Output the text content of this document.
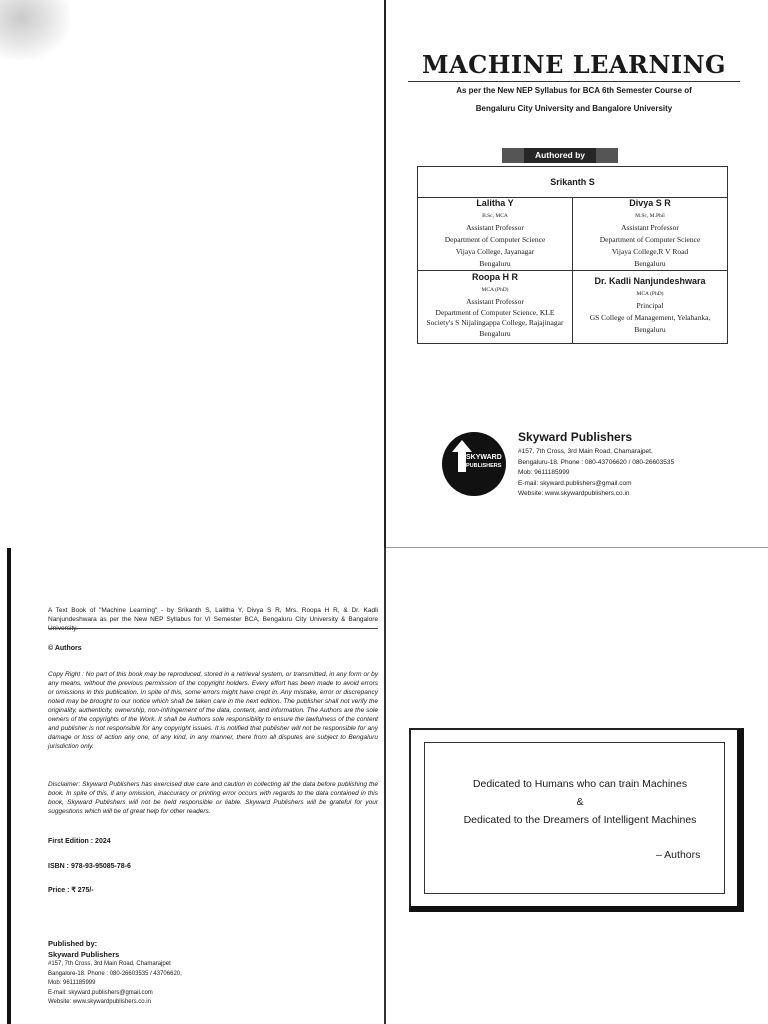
MACHINE LEARNING
As per the New NEP Syllabus for BCA 6th Semester Course of
Bengaluru City University and Bangalore University
Authored by
Srikanth S
Lalitha Y
B.Sc, MCA
Assistant Professor
Department of Computer Science
Vijaya College, Jayanagar
Bengaluru
Divya S R
M.Sc, M.Phil
Assistant Professor
Department of Computer Science
Vijaya College,R V Road
Bengaluru
Roopa H R
MCA (PhD)
Assistant Professor
Department of Computer Science, KLE
Society's S Nijalingappa College, Rajajinagar
Bengaluru
Dr. Kadli Nanjundeshwara
MCA (PhD)
Principal
GS College of Management, Yelahanka,
Bengaluru
SKYWARD
PUBLISHERS
Skyward Publishers
#157, 7th Cross, 3rd Main Road, Chamarajpet,
Bengaluru-18. Phone : 080-43706620 / 080-26603535
Mob: 9611185999
E-mail: skyward.publishers@gmail.com
Website: www.skywardpublishers.co.in
A Text Book of "Machine Learning" - by Srikanth S, Lalitha Y, Divya S R, Mrs. Roopa H R, & Dr. Kadli Nanjundeshwara as per the New NEP Syllabus for VI Semester BCA, Bengaluru City University & Bangalore
© Authors
Copy Right : No part of this book may be reproduced, stored in a retrieval system, or transmitted, in any form or by any means, without the previous permission of the copyright holders. Every effort has been made to avoid errors or omissions in this publication. In spite of this, some errors might have crept in. Any mistake, error or discrepancy noted may be brought to our notice which shall be taken care in the next edition. The publisher shall not verify the originality, authenticity, ownership, non-infringement of the data, content, and information. The Authors are the sole owners of the copyrights of the Work. It shall be Authors sole responsibility to ensure the lawfulness of the content and publisher is not responsible for any copyright issues. It is notified that publisher will not be responsible for any damage or loss of action any one, of any kind, in any manner, there from all disputes are subject to Bengaluru jurisdiction only.
Disclaimer: Skyward Publishers has exercised due care and caution in collecting all the data before publishing the book. In spite of this, if any omission, inaccuracy or printing error occurs with regards to the data contained in this book, Skyward Publishers will not be held responsible or liable. Skyward Publishers will be grateful for your suggestions which will be of great help for other readers.
First Edition : 2024
ISBN : 978-93-95085-78-6
Price : ₹ 275/-
Published by:
Skyward Publishers
#157, 7th Cross, 3rd Main Road, Chamarajpet
Bangalore-18. Phone : 080-26603535 / 43706620,
Mob: 9611185999
E-mail: skyward.publishers@gmail.com
Website: www.skywardpublishers.co.in
Dedicated to Humans who can train Machines
&
Dedicated to the Dreamers of Intelligent Machines
– Authors
